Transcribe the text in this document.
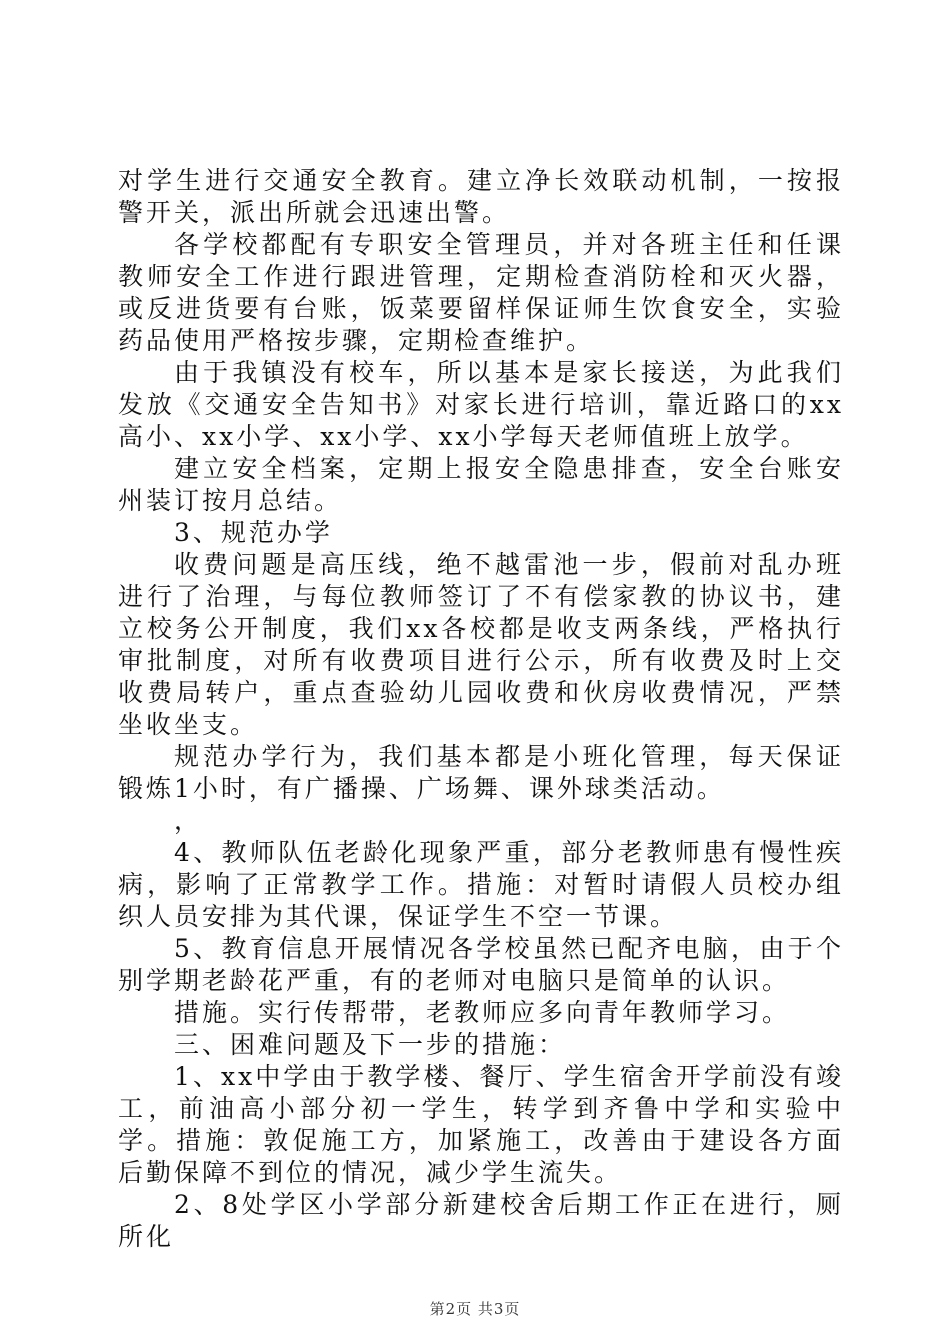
对学生进行交通安全教育。建立净长效联动机制，一按报警开关，派出所就会迅速出警。

各学校都配有专职安全管理员，并对各班主任和任课教师安全工作进行跟进管理，定期检查消防栓和灭火器，或反进货要有台账，饭菜要留样保证师生饮食安全，实验药品使用严格按步骤，定期检查维护。

由于我镇没有校车，所以基本是家长接送，为此我们发放《交通安全告知书》对家长进行培训，靠近路口的xx高小、xx小学、xx小学、xx小学每天老师值班上放学。

建立安全档案，定期上报安全隐患排查，安全台账安州装订按月总结。

3、规范办学

收费问题是高压线，绝不越雷池一步，假前对乱办班进行了治理，与每位教师签订了不有偿家教的协议书，建立校务公开制度，我们xx各校都是收支两条线，严格执行审批制度，对所有收费项目进行公示，所有收费及时上交收费局转户，重点查验幼儿园收费和伙房收费情况，严禁坐收坐支。

规范办学行为，我们基本都是小班化管理，每天保证锻炼1小时，有广播操、广场舞、课外球类活动。

，

4、教师队伍老龄化现象严重，部分老教师患有慢性疾病，影响了正常教学工作。措施：对暂时请假人员校办组织人员安排为其代课，保证学生不空一节课。

5、教育信息开展情况各学校虽然已配齐电脑，由于个别学期老龄花严重，有的老师对电脑只是简单的认识。

措施。实行传帮带，老教师应多向青年教师学习。

三、困难问题及下一步的措施：

1、xx中学由于教学楼、餐厅、学生宿舍开学前没有竣工，前油高小部分初一学生，转学到齐鲁中学和实验中学。措施：敦促施工方，加紧施工，改善由于建设各方面后勤保障不到位的情况，减少学生流失。

2、8处学区小学部分新建校舍后期工作正在进行，厕所化

第2页 共3页
